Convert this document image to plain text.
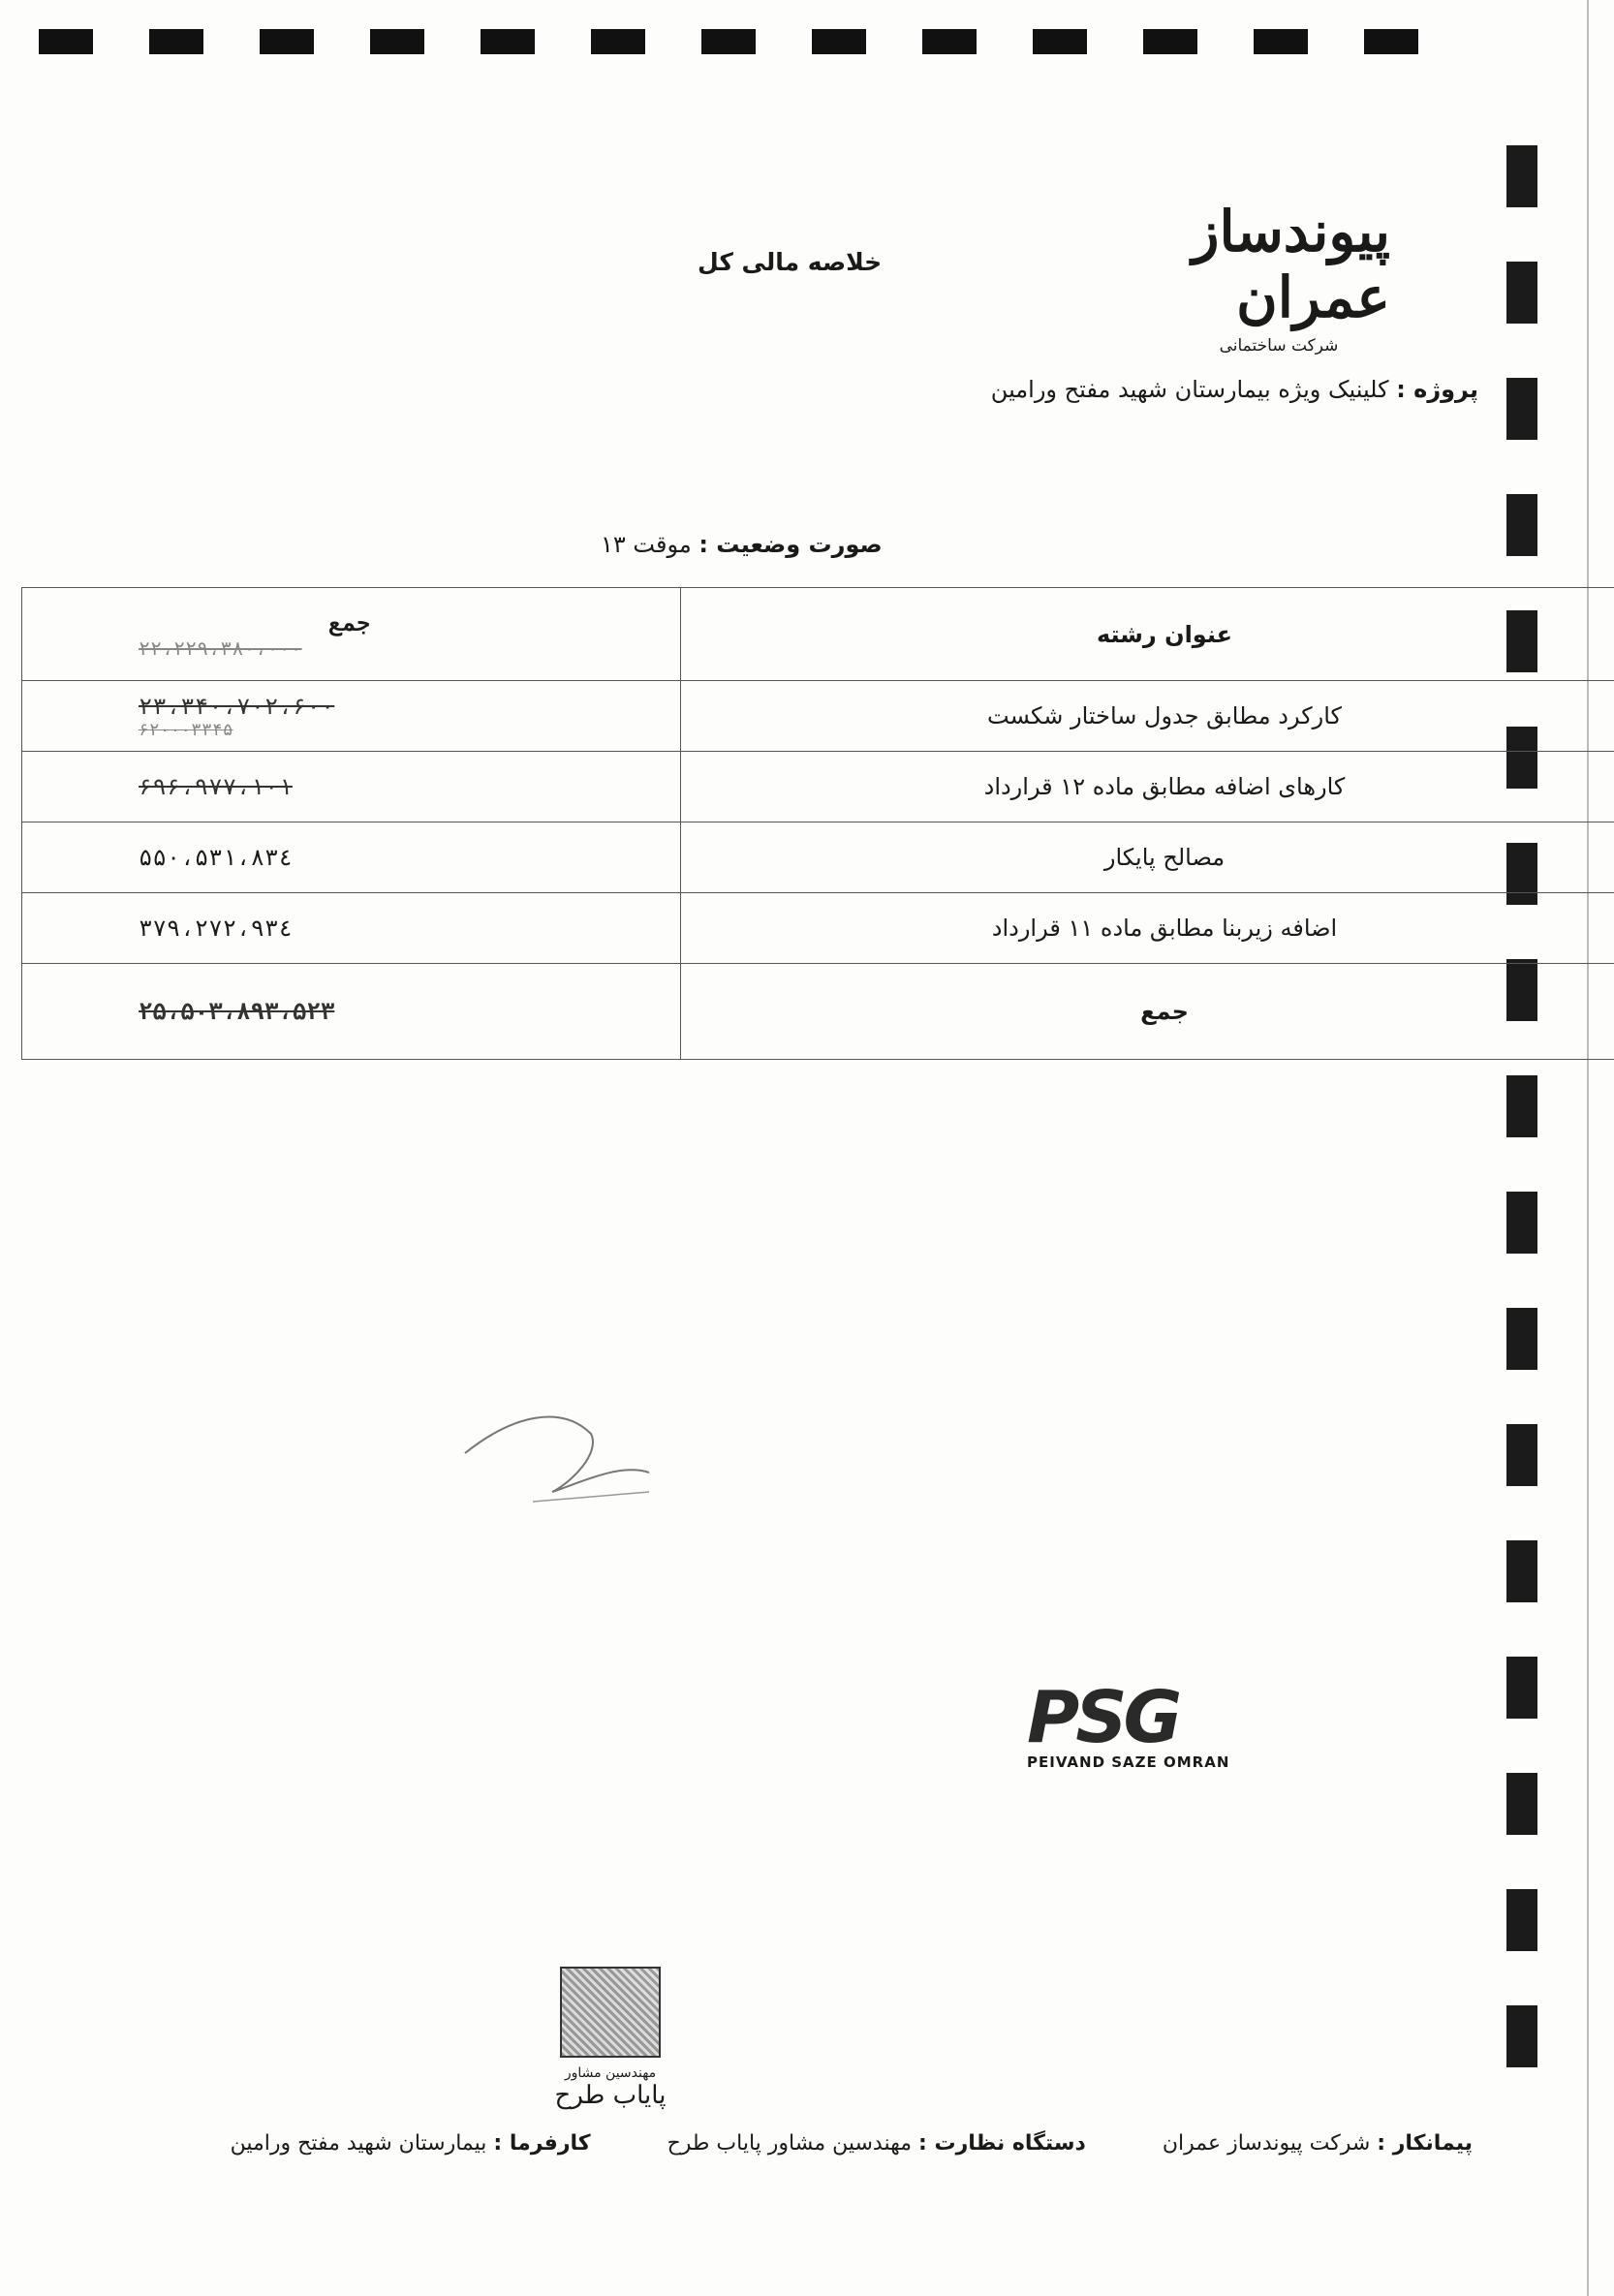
پیوندساز عمران
شرکت ساختمانی
خلاصه مالی کل
پروژه : کلینیک ویژه بیمارستان شهید مفتح ورامین
صورت وضعیت : موقت ۱۳
عنوان رشته	جمع
۲۲،۲۲۹،۳۸۰،۰۰۰

کارکرد مطابق جدول ساختار شکست	۲۳،۳۴۰،۷۰۲،۶۰۰
۶۲۰۰۰۳۳۴۵

کارهای اضافه مطابق ماده ۱۲ قرارداد	۶۹۶،۹۷۷،۱۰۱
مصالح پایکار	۵۳۱،۸۳٤،۵۵۰
اضافه زیربنا مطابق ماده ۱۱ قرارداد	۹۳٤،۳۷۹،۲۷۲
جمع	۲۵،۵۰۳،۸۹۳،۵۲۳
PSG
PEIVAND SAZE OMRAN
مهندسین مشاور
پایاب طرح
پیمانکار : شرکت پیوندساز عمران دستگاه نظارت : مهندسین مشاور پایاب طرح کارفرما : بیمارستان شهید مفتح ورامین
